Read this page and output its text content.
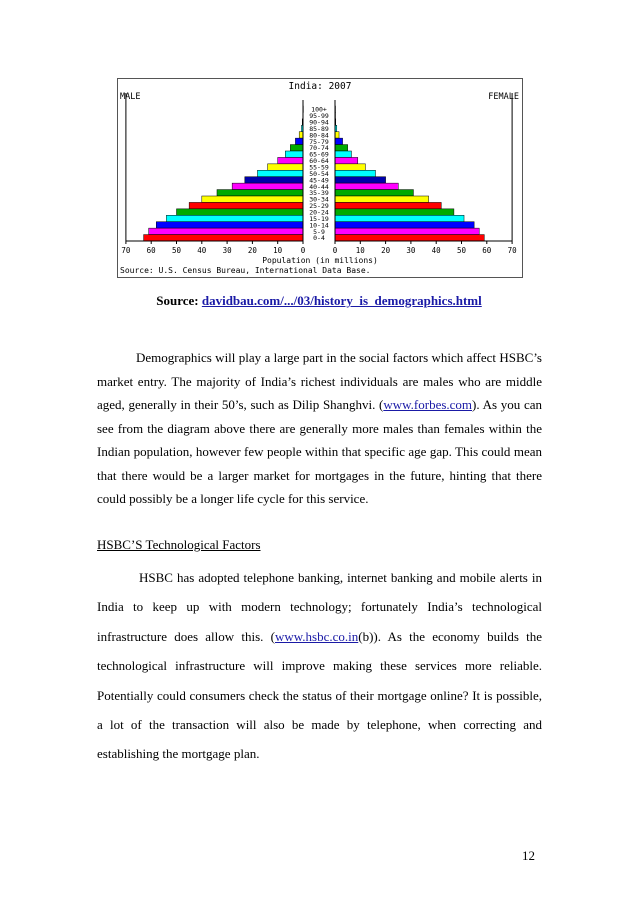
India: 2007
MALE	FEMALE
Population (in millions)
Source: U.S. Census Bureau, International Data Base.
100+
95-99
90-94
85-89
80-84
75-79
70-74
65-69
60-64
55-59
50-54
45-49
40-44
35-39
30-34
25-29
20-24
15-19
10-14
5-9
0-4
70	70
60	60
50	50
40	40
30	30
20	20
10	10
0	0
Source: davidbau.com/.../03/history_is_demographics.html

Demographics will play a large part in the social factors which affect HSBC’s market entry. The majority of India’s richest individuals are males who are middle aged, generally in their 50’s, such as Dilip Shanghvi. (www.forbes.com). As you can see from the diagram above there are generally more males than females within the Indian population, however few people within that specific age gap. This could mean that there would be a larger market for mortgages in the future, hinting that there could possibly be a longer life cycle for this service.

HSBC’S Technological Factors

HSBC has adopted telephone banking, internet banking and mobile alerts in India to keep up with modern technology; fortunately India’s technological infrastructure does allow this. (www.hsbc.co.in(b)). As the economy builds the technological infrastructure will improve making these services more reliable. Potentially could consumers check the status of their mortgage online? It is possible, a lot of the transaction will also be made by telephone, when correcting and establishing the mortgage plan.

12
